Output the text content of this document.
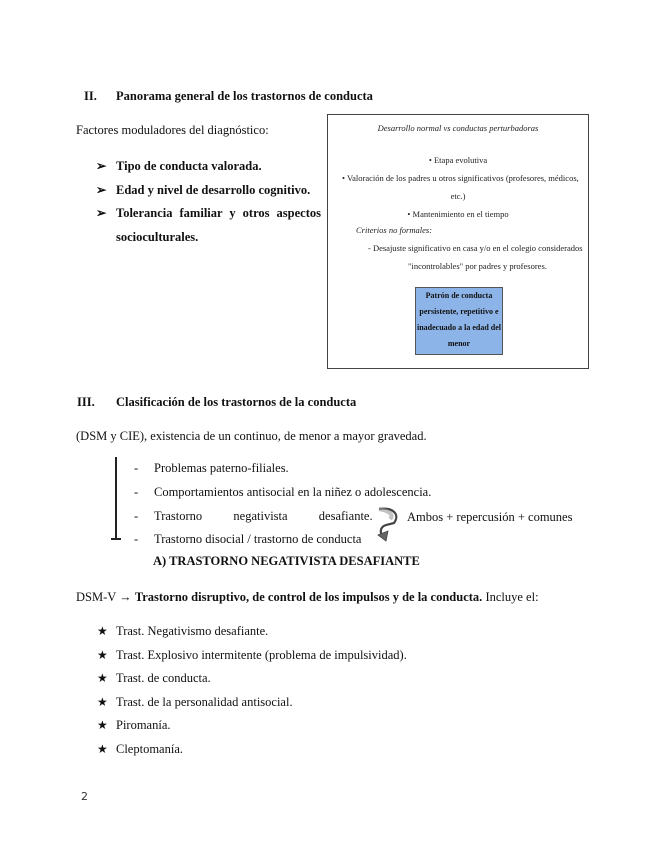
II. Panorama general de los trastornos de conducta
Factores moduladores del diagnóstico:
➢ Tipo de conducta valorada.
➢ Edad y nivel de desarrollo cognitivo.
➢ Tolerancia familiar y otros aspectos socioculturales.
Desarrollo normal vs conductas perturbadoras
• Etapa evolutiva
• Valoración de los padres u otros significativos (profesores, médicos,
etc.)
• Mantenimiento en el tiempo
Criterios no formales:
- Desajuste significativo en casa y/o en el colegio considerados
"incontrolables" por padres y profesores.
Patrón de conducta persistente, repetitivo e inadecuado a la edad del menor
III. Clasificación de los trastornos de la conducta
(DSM y CIE), existencia de un continuo, de menor a mayor gravedad.
- Problemas paterno-filiales.
- Comportamientos antisocial en la niñez o adolescencia.
- Trastorno          negativista          desafiante.
- Trastorno disocial / trastorno de conducta
Ambos + repercusión + comunes
A) TRASTORNO NEGATIVISTA DESAFIANTE
DSM-V → Trastorno disruptivo, de control de los impulsos y de la conducta. Incluye el:
★ Trast. Negativismo desafiante.
★ Trast. Explosivo intermitente (problema de impulsividad).
★ Trast. de conducta.
★ Trast. de la personalidad antisocial.
★ Piromanía.
★ Cleptomanía.
2
